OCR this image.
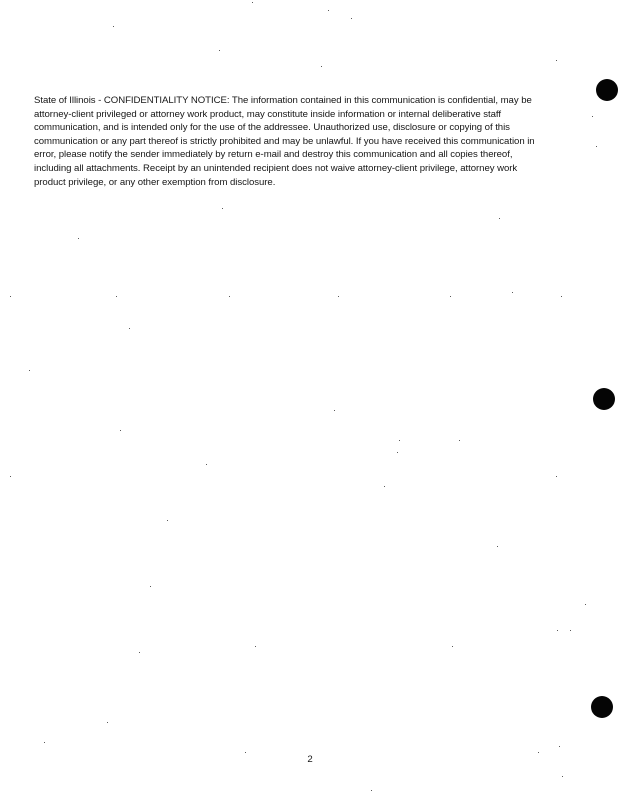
State of Illinois - CONFIDENTIALITY NOTICE: The information contained in this communication is confidential, may be
attorney-client privileged or attorney work product, may constitute inside information or internal deliberative staff
communication, and is intended only for the use of the addressee. Unauthorized use, disclosure or copying of this
communication or any part thereof is strictly prohibited and may be unlawful. If you have received this communication in
error, please notify the sender immediately by return e-mail and destroy this communication and all copies thereof,
including all attachments. Receipt by an unintended recipient does not waive attorney-client privilege, attorney work
product privilege, or any other exemption from disclosure.

2
